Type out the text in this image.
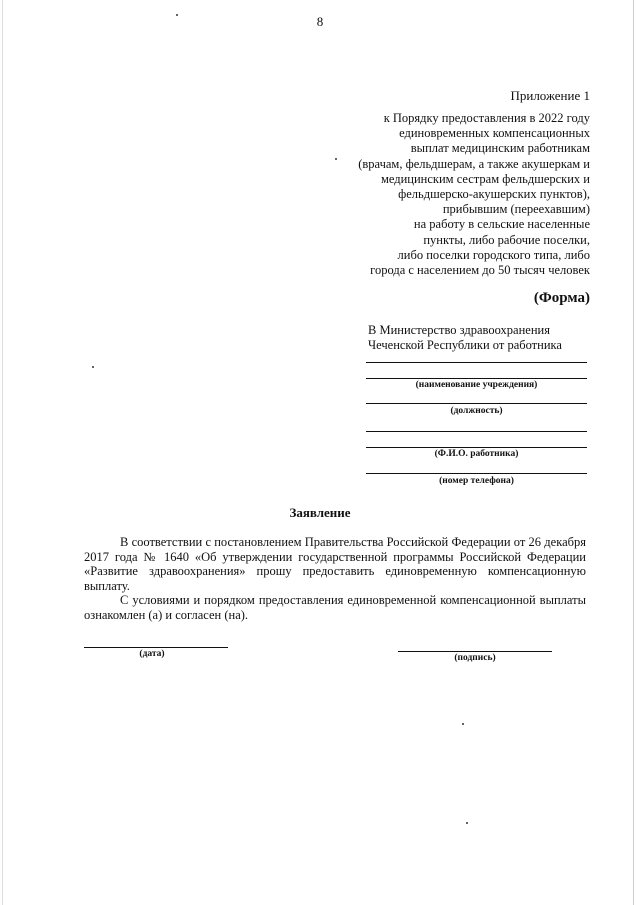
8
Приложение 1
к Порядку предоставления в 2022 году
единовременных компенсационных
выплат медицинским работникам
(врачам, фельдшерам, а также акушеркам и
медицинским сестрам фельдшерских и
фельдшерско-акушерских пунктов),
прибывшим (переехавшим)
на работу в сельские населенные
пункты, либо рабочие поселки,
либо поселки городского типа, либо
города с населением до 50 тысяч человек
(Форма)
В Министерство здравоохранения
Чеченской Республики от работника
(наименование учреждения)
(должность)
(Ф.И.О. работника)
(номер телефона)
Заявление

В соответствии с постановлением Правительства Российской Федерации от 26 декабря 2017 года № 1640 «Об утверждении государственной программы Российской Федерации «Развитие здравоохранения» прошу предоставить единовременную компенсационную выплату.

С условиями и порядком предоставления единовременной компенсационной выплаты ознакомлен (а) и согласен (на).

(дата)	(подпись)
